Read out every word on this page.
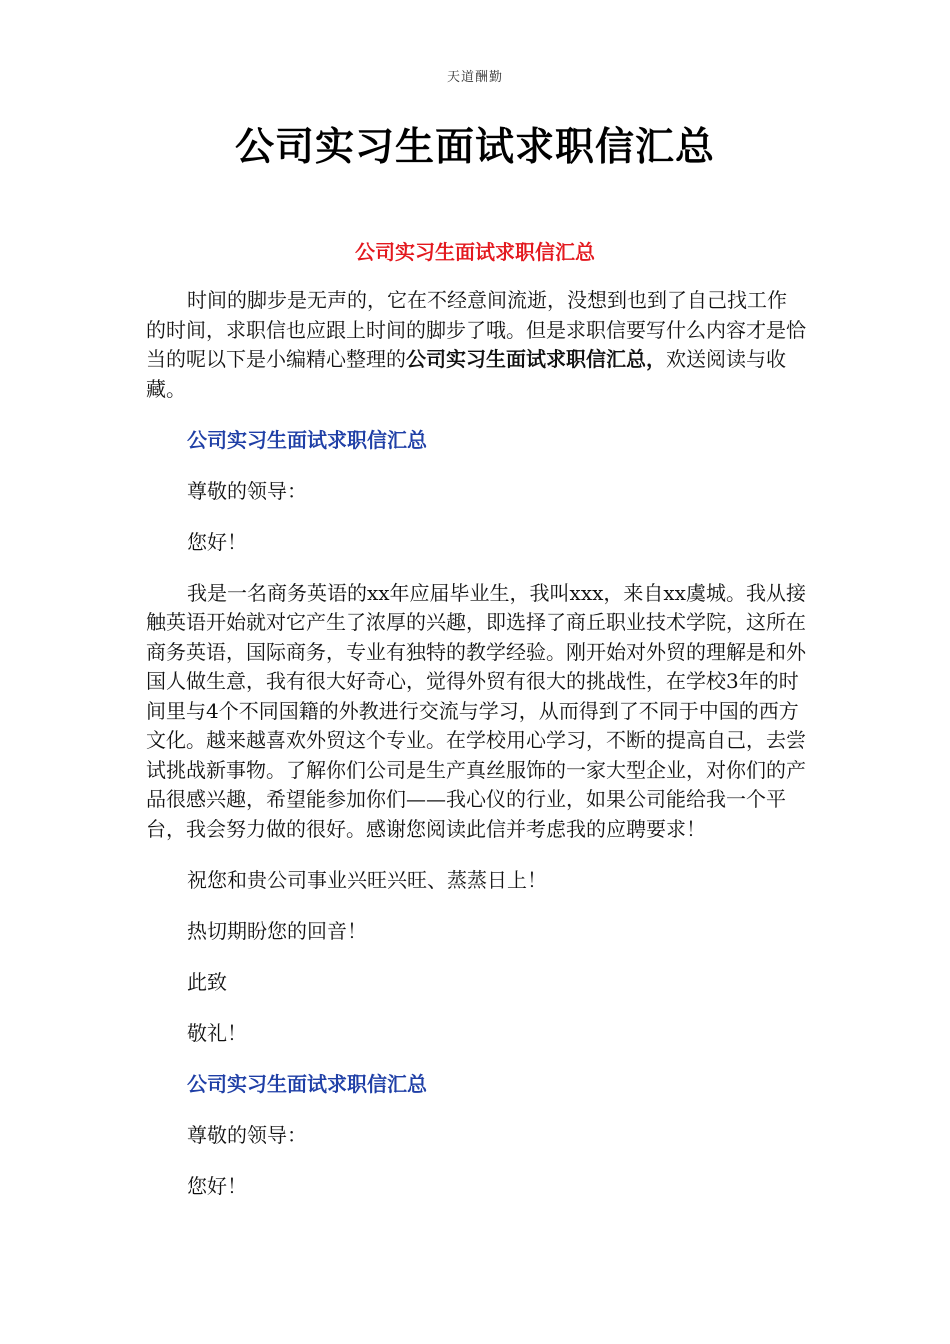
天道酬勤
公司实习生面试求职信汇总
公司实习生面试求职信汇总

时间的脚步是无声的，它在不经意间流逝，没想到也到了自己找工作的时间，求职信也应跟上时间的脚步了哦。但是求职信要写什么内容才是恰当的呢以下是小编精心整理的公司实习生面试求职信汇总，欢送阅读与收藏。

公司实习生面试求职信汇总

尊敬的领导：

您好！

我是一名商务英语的xx年应届毕业生，我叫xxx，来自xx虞城。我从接触英语开始就对它产生了浓厚的兴趣，即选择了商丘职业技术学院，这所在商务英语，国际商务，专业有独特的教学经验。刚开始对外贸的理解是和外国人做生意，我有很大好奇心，觉得外贸有很大的挑战性，在学校3年的时间里与4个不同国籍的外教进行交流与学习，从而得到了不同于中国的西方文化。越来越喜欢外贸这个专业。在学校用心学习，不断的提高自己，去尝试挑战新事物。了解你们公司是生产真丝服饰的一家大型企业，对你们的产品很感兴趣，希望能参加你们——我心仪的行业，如果公司能给我一个平台，我会努力做的很好。感谢您阅读此信并考虑我的应聘要求！

祝您和贵公司事业兴旺兴旺、蒸蒸日上！

热切期盼您的回音！

此致

敬礼！

公司实习生面试求职信汇总

尊敬的领导：

您好！
